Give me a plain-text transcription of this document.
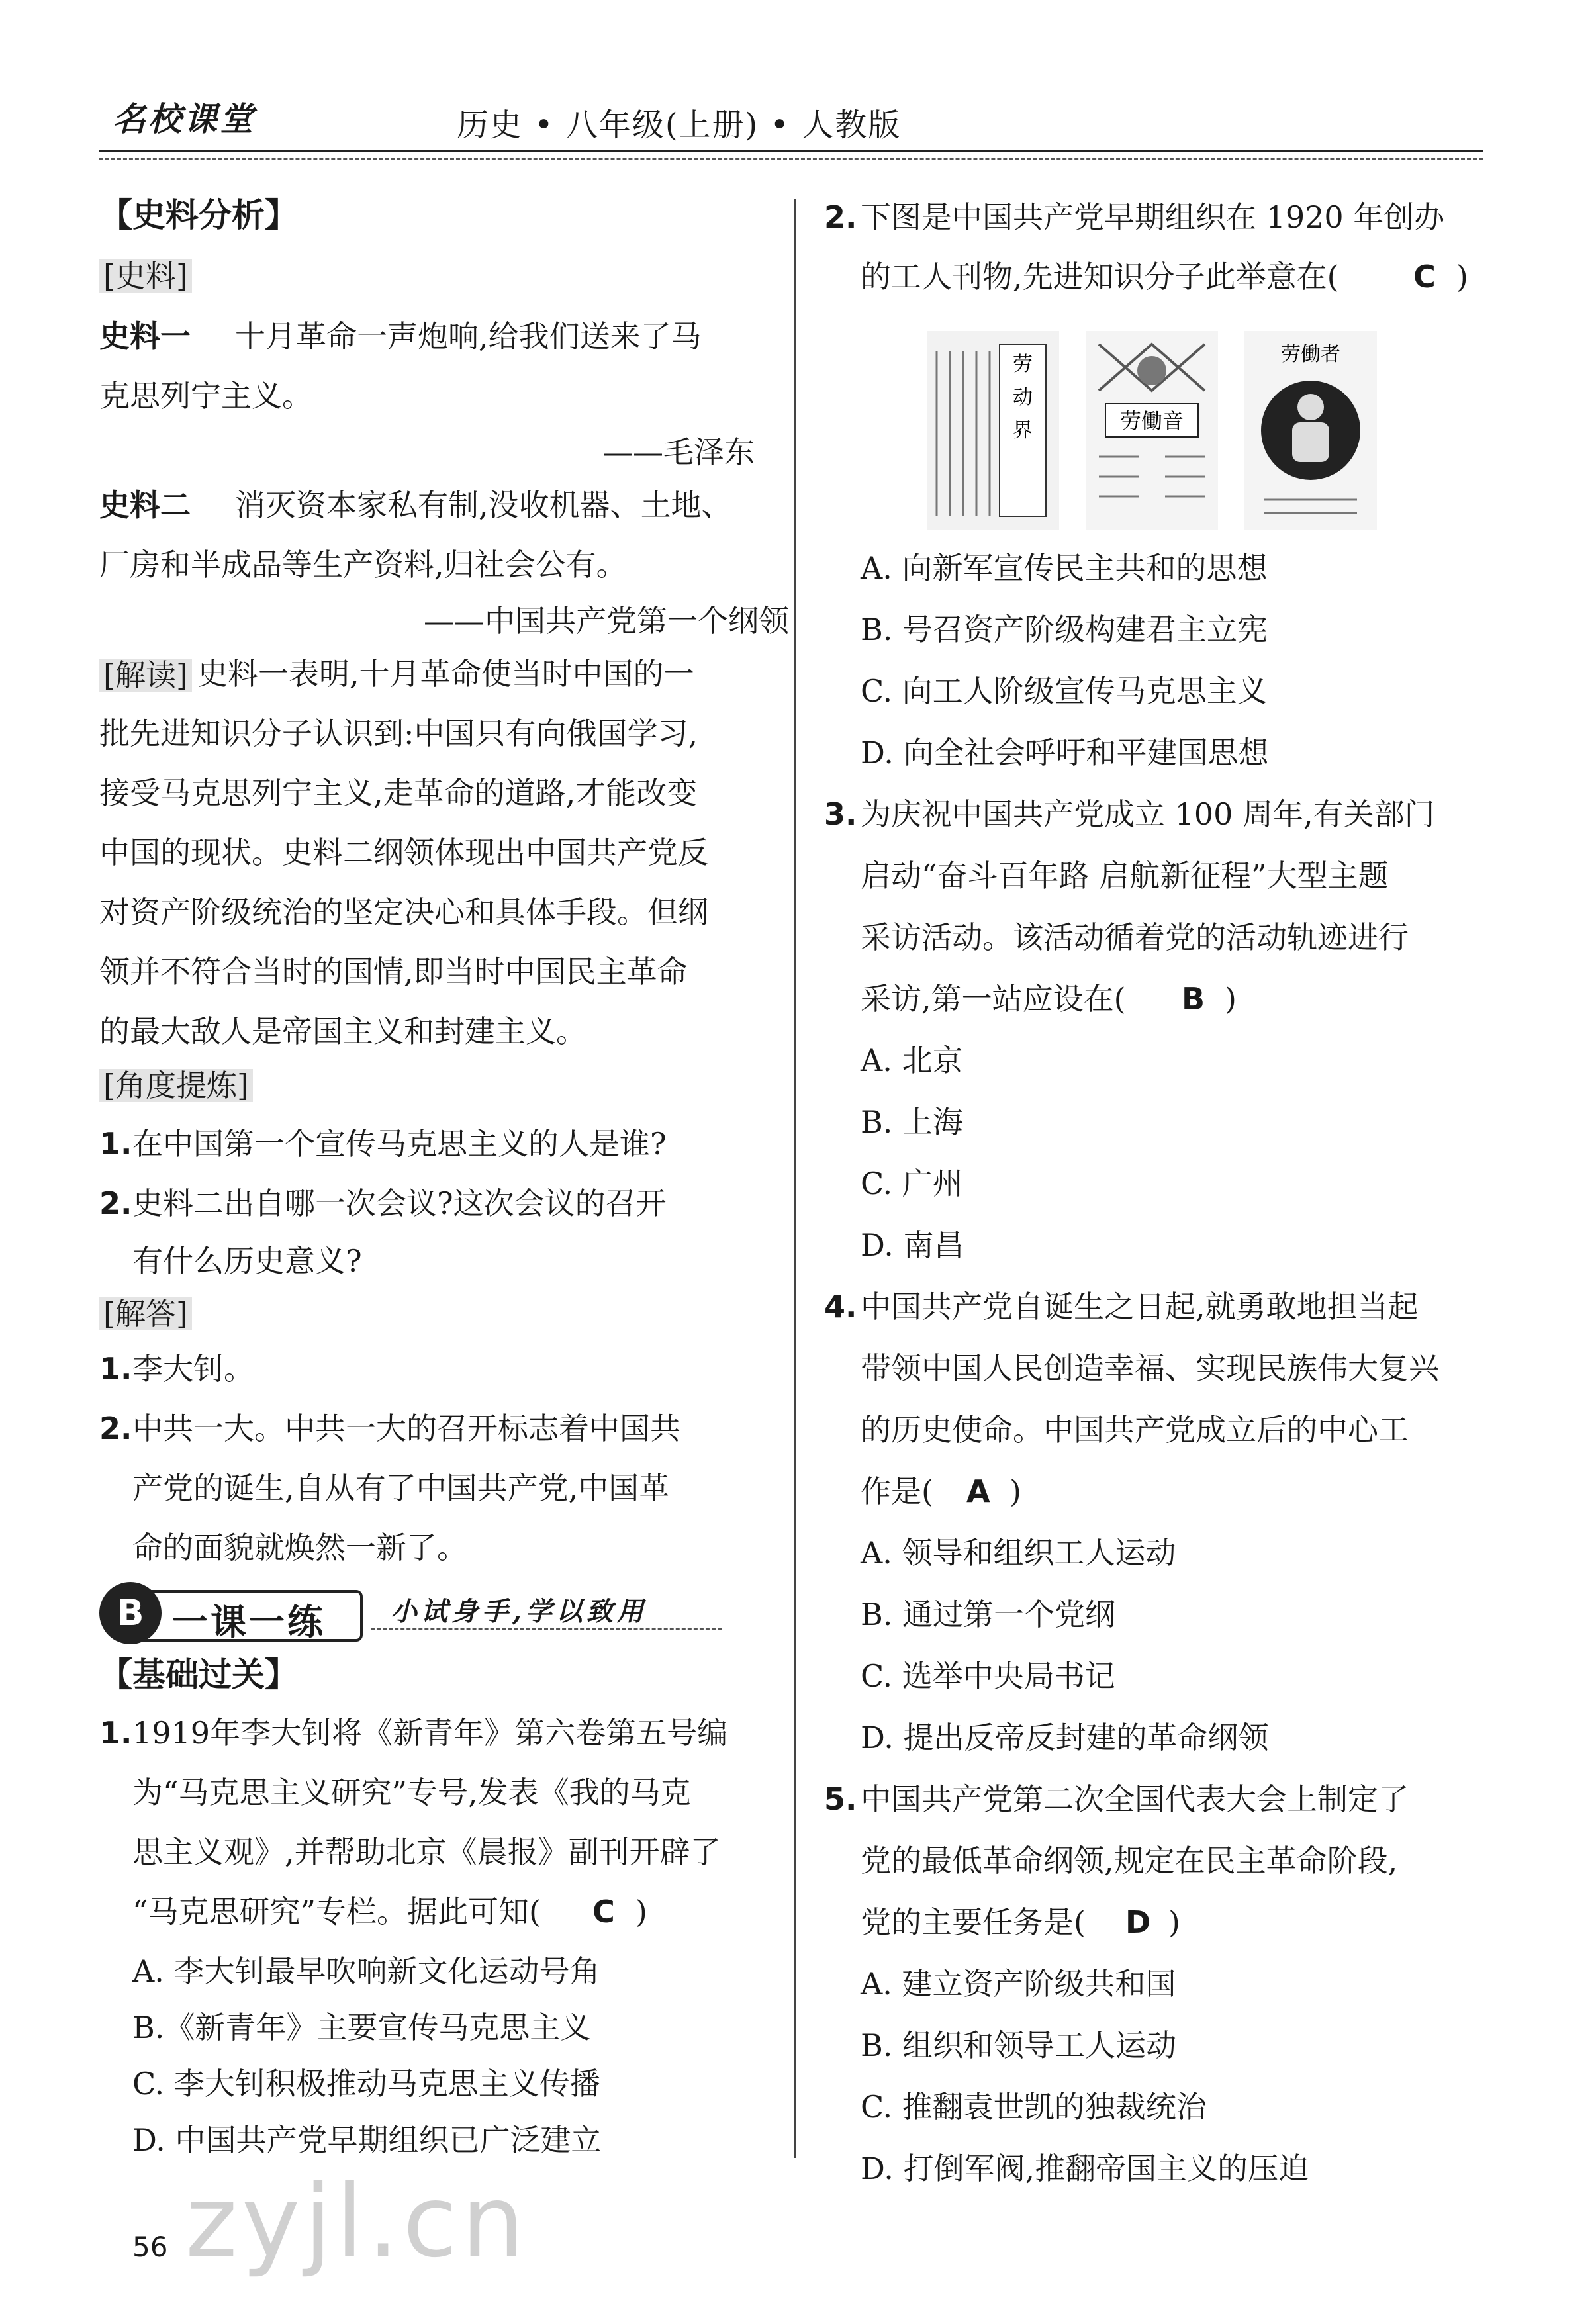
名校课堂	历史 • 八年级(上册) • 人教版
【史料分析】
[史料]
史料一 十月革命一声炮响,给我们送来了马
克思列宁主义。
——毛泽东
史料二 消灭资本家私有制,没收机器、土地、
厂房和半成品等生产资料,归社会公有。
——中国共产党第一个纲领
[解读] 史料一表明,十月革命使当时中国的一
批先进知识分子认识到:中国只有向俄国学习,
接受马克思列宁主义,走革命的道路,才能改变
中国的现状。史料二纲领体现出中国共产党反
对资产阶级统治的坚定决心和具体手段。但纲
领并不符合当时的国情,即当时中国民主革命
的最大敌人是帝国主义和封建主义。
[角度提炼]
1. 在中国第一个宣传马克思主义的人是谁?
2. 史料二出自哪一次会议?这次会议的召开
有什么历史意义?
[解答]
1. 李大钊。
2. 中共一大。中共一大的召开标志着中国共
产党的诞生,自从有了中国共产党,中国革
命的面貌就焕然一新了。
B 一课一练 小试身手,学以致用
【基础过关】
1. 1919年李大钊将《新青年》第六卷第五号编
为“马克思主义研究”专号,发表《我的马克
思主义观》,并帮助北京《晨报》副刊开辟了
“马克思研究”专栏。据此可知( C )
A. 李大钊最早吹响新文化运动号角
B.《新青年》主要宣传马克思主义
C. 李大钊积极推动马克思主义传播
D. 中国共产党早期组织已广泛建立
zyjl.cn
56
2. 下图是中国共产党早期组织在 1920 年创办
的工人刊物,先进知识分子此举意在( C )
劳
动
界	劳働音
劳働者
A. 向新军宣传民主共和的思想
B. 号召资产阶级构建君主立宪
C. 向工人阶级宣传马克思主义
D. 向全社会呼吁和平建国思想
3. 为庆祝中国共产党成立 100 周年,有关部门
启动“奋斗百年路 启航新征程”大型主题
采访活动。该活动循着党的活动轨迹进行
采访,第一站应设在( B )
A. 北京
B. 上海
C. 广州
D. 南昌
4. 中国共产党自诞生之日起,就勇敢地担当起
带领中国人民创造幸福、实现民族伟大复兴
的历史使命。中国共产党成立后的中心工
作是( A )
A. 领导和组织工人运动
B. 通过第一个党纲
C. 选举中央局书记
D. 提出反帝反封建的革命纲领
5. 中国共产党第二次全国代表大会上制定了
党的最低革命纲领,规定在民主革命阶段,
党的主要任务是( D )
A. 建立资产阶级共和国
B. 组织和领导工人运动
C. 推翻袁世凯的独裁统治
D. 打倒军阀,推翻帝国主义的压迫
